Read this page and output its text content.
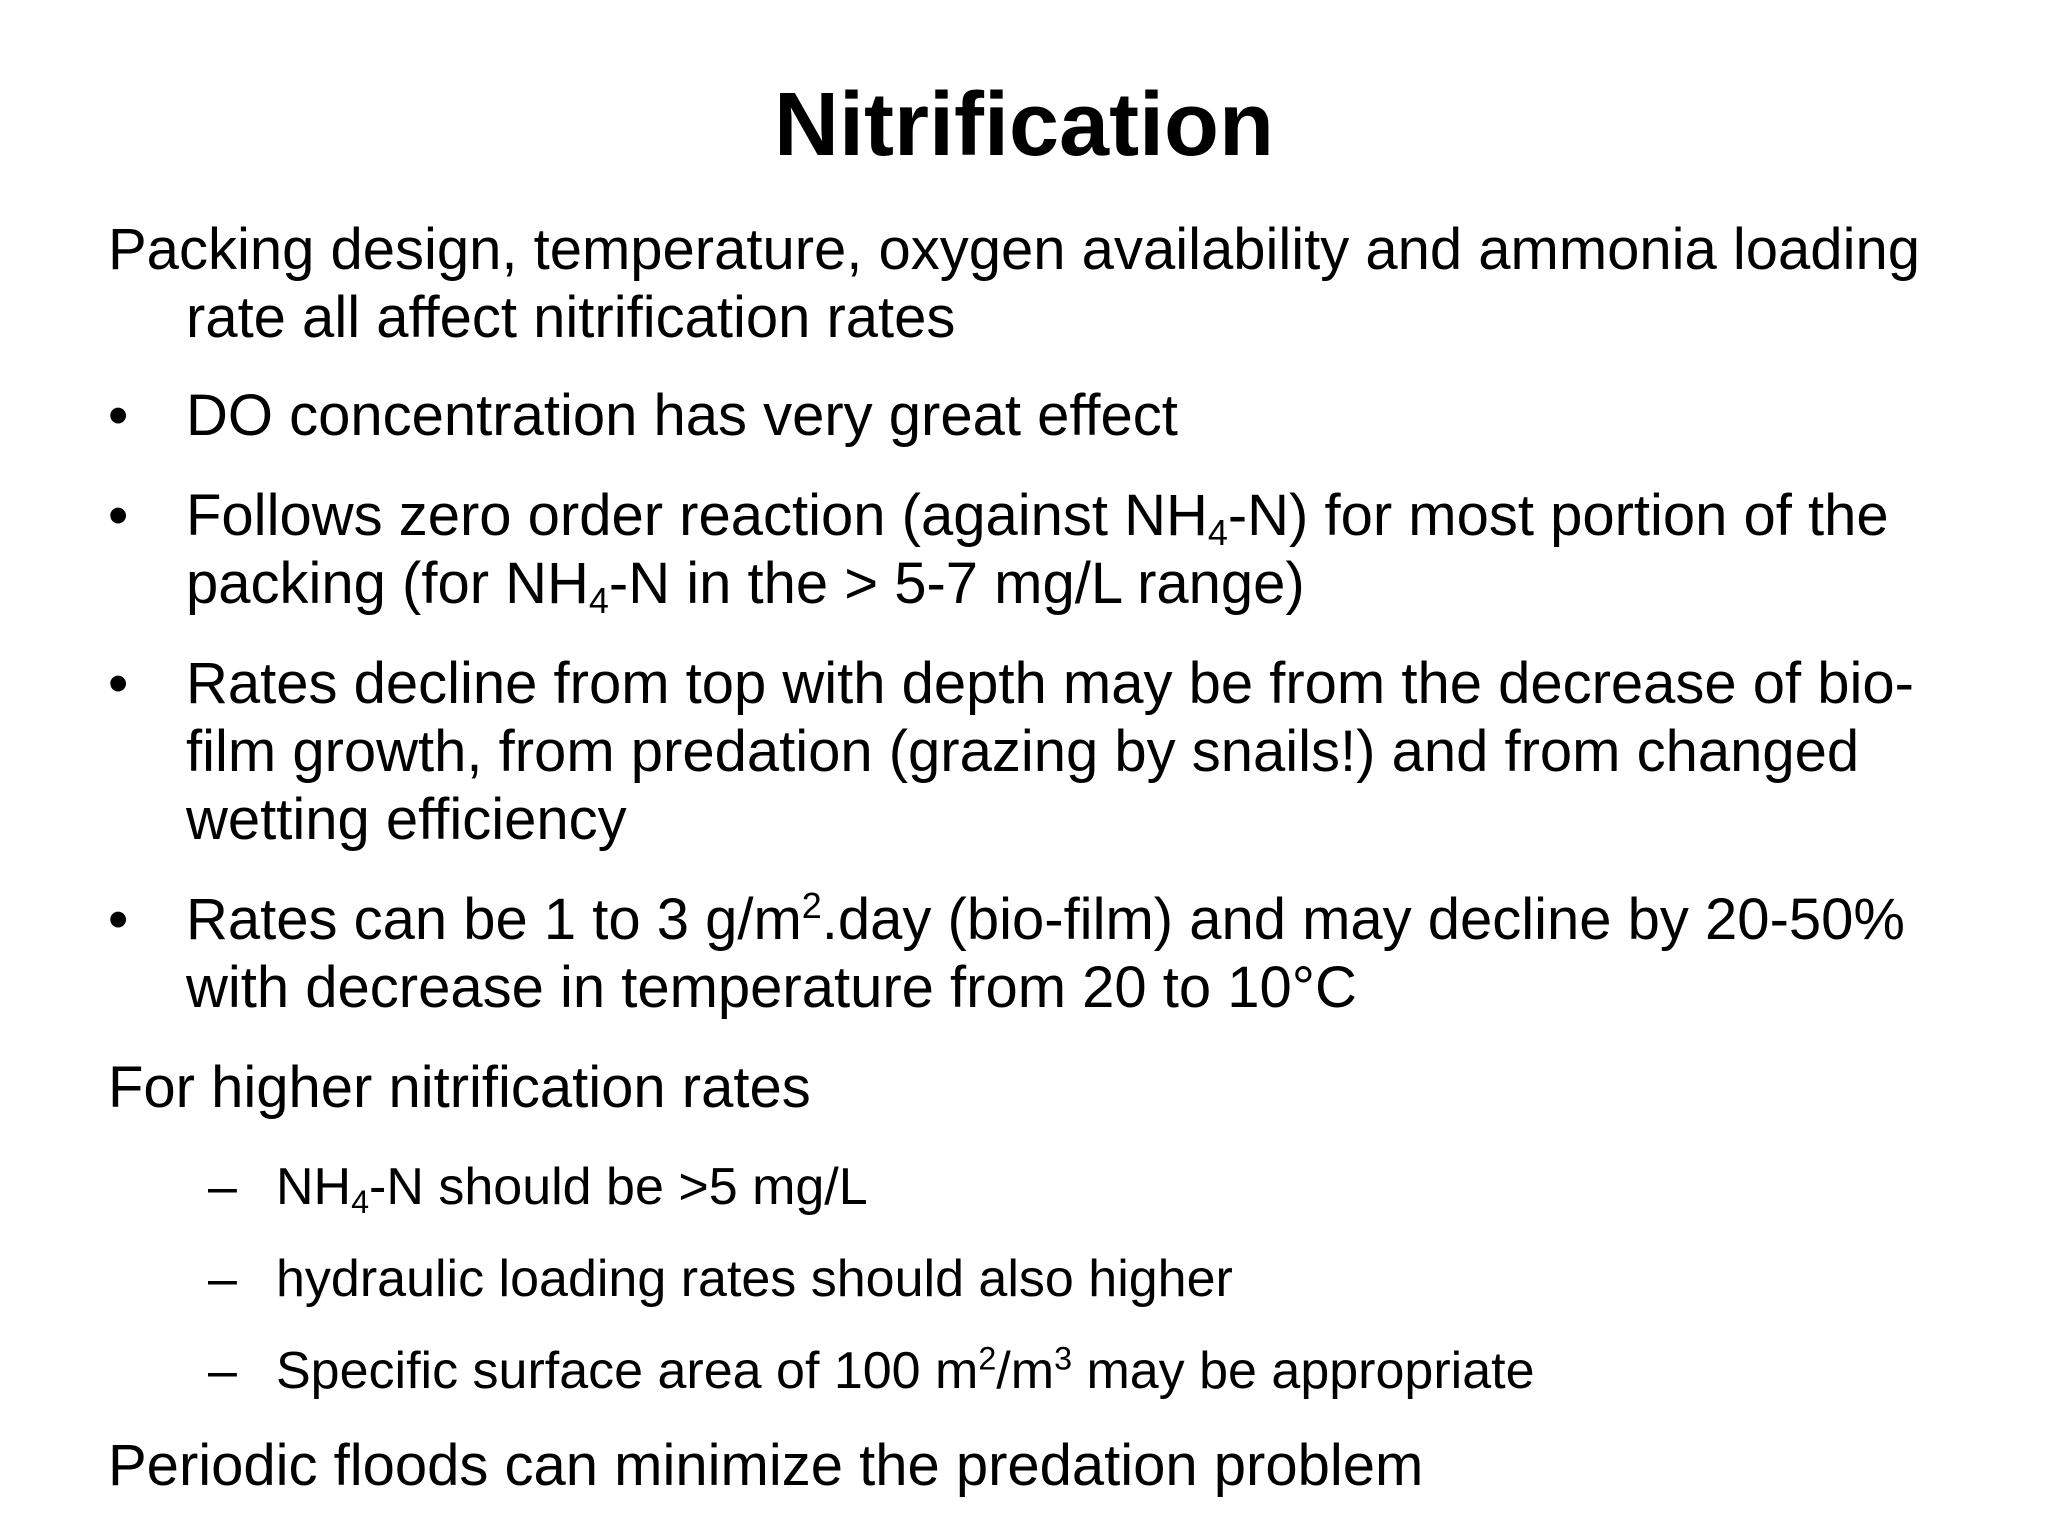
Nitrification

Packing design, temperature, oxygen availability and ammonia loading rate all affect nitrification rates

• DO concentration has very great effect
• Follows zero order reaction (against $NH_4-N$) for most portion of the packing (for $NH_4-N$ in the > 5-7 mg/L range)
• Rates decline from top with depth may be from the decrease of bio-film growth, from predation (grazing by snails!) and from changed wetting efficiency
• Rates can be 1 to 3 $g/m^2.day$ (bio-film) and may decline by 20-50% with decrease in temperature from 20 to 10°C

For higher nitrification rates

– $NH_4-N$ should be >5 mg/L
– hydraulic loading rates should also higher
– Specific surface area of 100 $m^2/m^3$ may be appropriate

Periodic floods can minimize the predation problem
